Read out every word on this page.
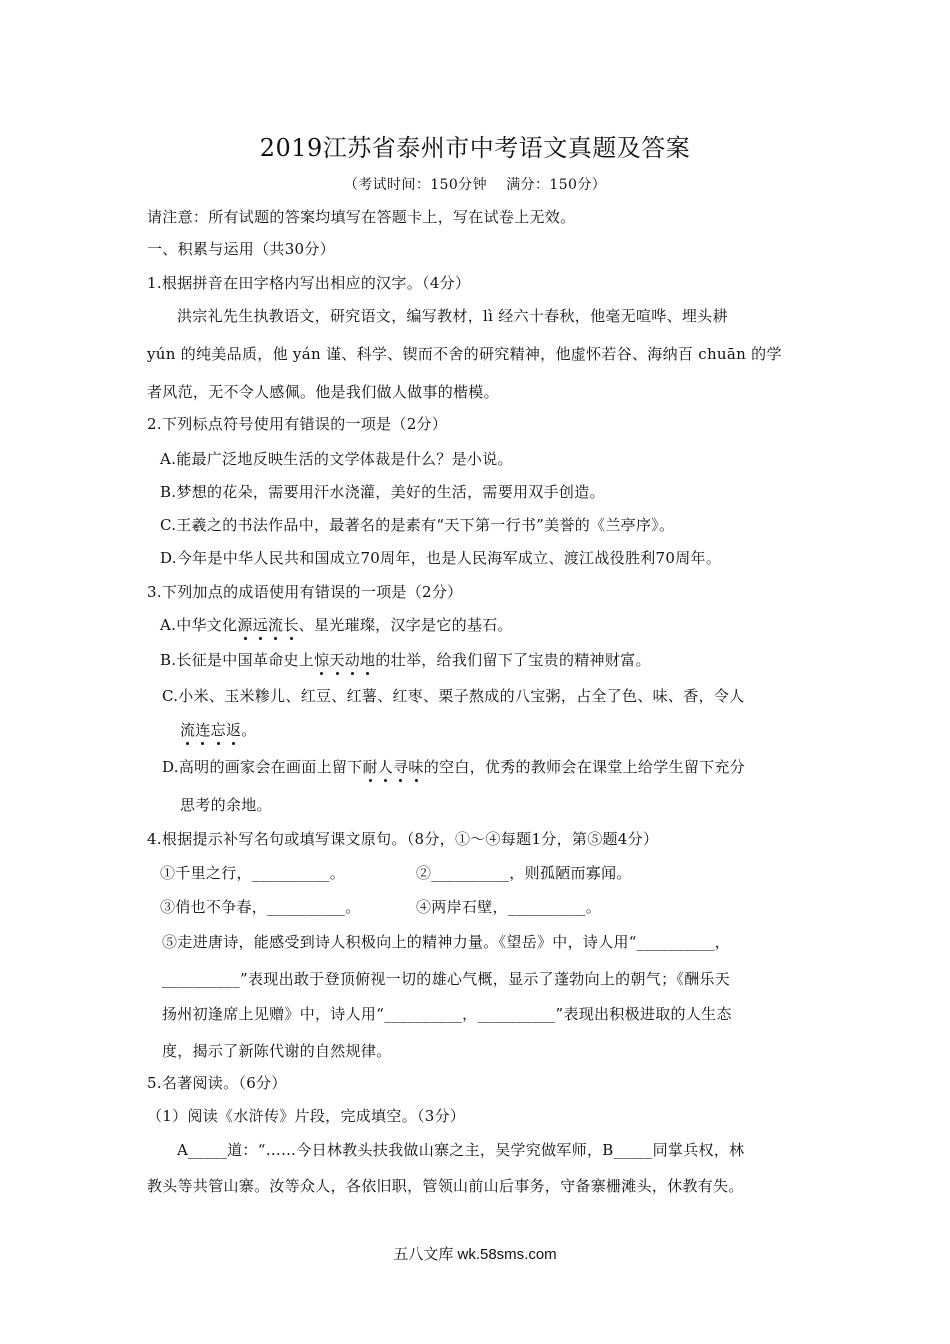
2019江苏省泰州市中考语文真题及答案
（考试时间：150分钟　 满分：150分）
请注意：所有试题的答案均填写在答题卡上，写在试卷上无效。
一、积累与运用（共30分）
1.根据拼音在田字格内写出相应的汉字。（4分）
洪宗礼先生执教语文，研究语文，编写教材，lì 经六十春秋，他毫无喧哗、埋头耕
yún 的纯美品质，他 yán 谨、科学、锲而不舍的研究精神，他虚怀若谷、海纳百 chuān 的学
者风范，无不令人感佩。他是我们做人做事的楷模。
2.下列标点符号使用有错误的一项是（2分）
A.能最广泛地反映生活的文学体裁是什么？是小说。
B.梦想的花朵，需要用汗水浇灌，美好的生活，需要用双手创造。
C.王羲之的书法作品中，最著名的是素有“天下第一行书”美誉的《兰亭序》。
D.今年是中华人民共和国成立70周年，也是人民海军成立、渡江战役胜利70周年。
3.下列加点的成语使用有错误的一项是（2分）
A.中华文化源远流长、星光璀璨，汉字是它的基石。
B.长征是中国革命史上惊天动地的壮举，给我们留下了宝贵的精神财富。
C.小米、玉米糁儿、红豆、红薯、红枣、栗子熬成的八宝粥，占全了色、味、香，令人
流连忘返。
D.高明的画家会在画面上留下耐人寻味的空白，优秀的教师会在课堂上给学生留下充分
思考的余地。
4.根据提示补写名句或填写课文原句。（8分，①～④每题1分，第⑤题4分）
①千里之行，__________。	②__________，则孤陋而寡闻。
③俏也不争春，__________。	④两岸石壁，__________。
⑤走进唐诗，能感受到诗人积极向上的精神力量。《望岳》中，诗人用“__________，
__________”表现出敢于登顶俯视一切的雄心气概，显示了蓬勃向上的朝气；《酬乐天
扬州初逢席上见赠》中，诗人用“__________，__________”表现出积极进取的人生态
度，揭示了新陈代谢的自然规律。
5.名著阅读。（6分）
（1）阅读《水浒传》片段，完成填空。（3分）
A_____道：“……今日林教头扶我做山寨之主，吴学究做军师，B_____同掌兵权，林
教头等共管山寨。汝等众人，各依旧职，管领山前山后事务，守备寨栅滩头，休教有失。
五八文库 wk.58sms.com
